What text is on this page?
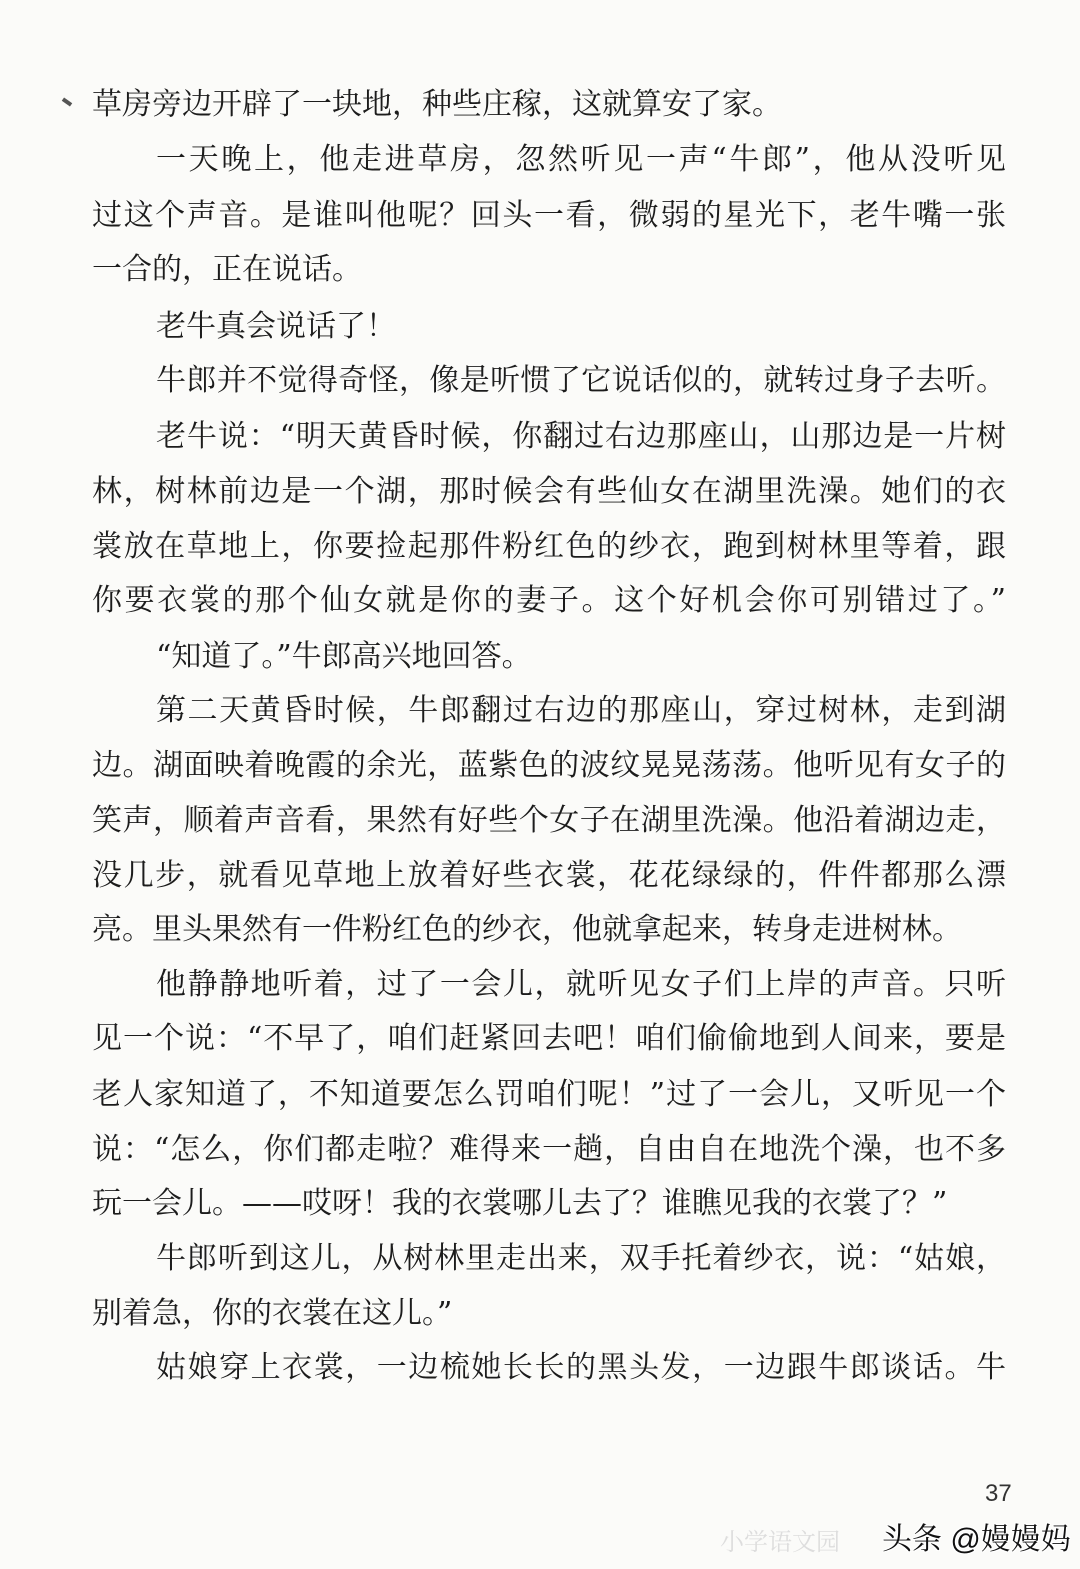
草房旁边开辟了一块地，种些庄稼，这就算安了家。
一天晚上，他走进草房，忽然听见一声“牛郎”，他从没听见
过这个声音。是谁叫他呢？回头一看，微弱的星光下，老牛嘴一张
一合的，正在说话。
老牛真会说话了！
牛郎并不觉得奇怪，像是听惯了它说话似的，就转过身子去听。
老牛说：“明天黄昏时候，你翻过右边那座山，山那边是一片树
林，树林前边是一个湖，那时候会有些仙女在湖里洗澡。她们的衣
裳放在草地上，你要捡起那件粉红色的纱衣，跑到树林里等着，跟
你要衣裳的那个仙女就是你的妻子。这个好机会你可别错过了。”
“知道了。”牛郎高兴地回答。
第二天黄昏时候，牛郎翻过右边的那座山，穿过树林，走到湖
边。湖面映着晚霞的余光，蓝紫色的波纹晃晃荡荡。他听见有女子的
笑声，顺着声音看，果然有好些个女子在湖里洗澡。他沿着湖边走，
没几步，就看见草地上放着好些衣裳，花花绿绿的，件件都那么漂
亮。里头果然有一件粉红色的纱衣，他就拿起来，转身走进树林。
他静静地听着，过了一会儿，就听见女子们上岸的声音。只听
见一个说：“不早了，咱们赶紧回去吧！咱们偷偷地到人间来，要是
老人家知道了，不知道要怎么罚咱们呢！”过了一会儿，又听见一个
说：“怎么，你们都走啦？难得来一趟，自由自在地洗个澡，也不多
玩一会儿。——哎呀！我的衣裳哪儿去了？谁瞧见我的衣裳了？”
牛郎听到这儿，从树林里走出来，双手托着纱衣，说：“姑娘，
别着急，你的衣裳在这儿。”
姑娘穿上衣裳，一边梳她长长的黑头发，一边跟牛郎谈话。牛
37
小学语文园 头条 @嫚嫚妈
